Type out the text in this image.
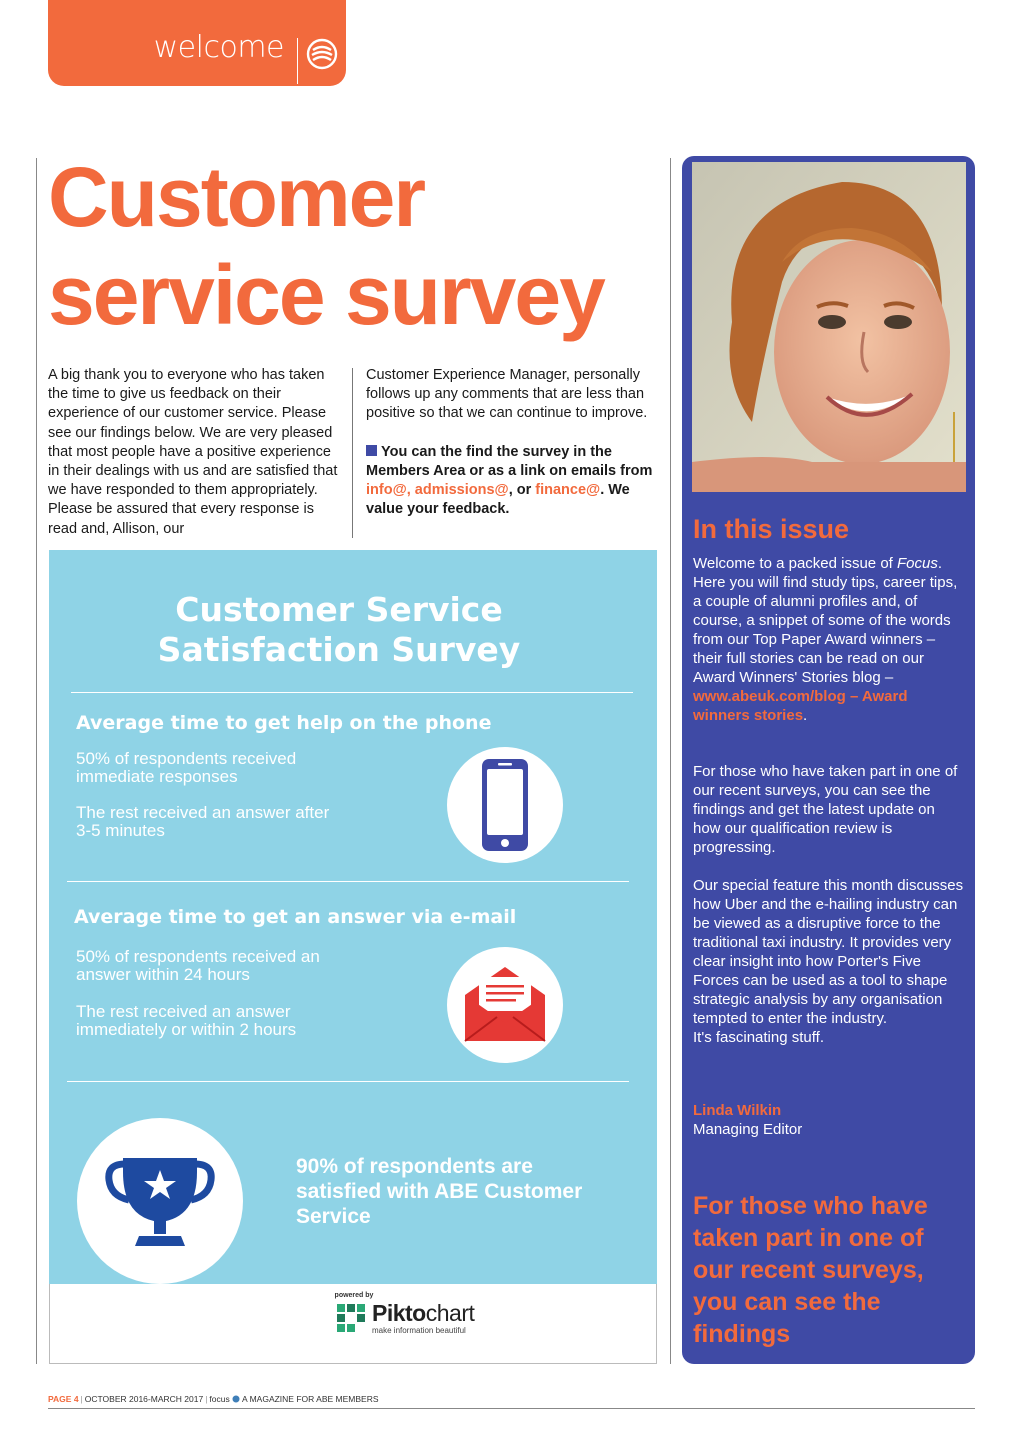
welcome
Customer
service survey
A big thank you to everyone who has taken the time to give us feedback on their experience of our customer service. Please see our findings below. We are very pleased that most people have a positive experience in their dealings with us and are satisfied that we have responded to them appropriately. Please be assured that every response is read and, Allison, our
Customer Experience Manager, personally follows up any comments that are less than positive so that we can continue to improve.
You can the find the survey in the Members Area or as a link on emails from info@, admissions@, or finance@. We value your feedback.
Customer Service
Satisfaction Survey
Average time to get help on the phone
50% of respondents received immediate responses
The rest received an answer after 3-5 minutes
Average time to get an answer via e-mail
50% of respondents received an answer within 24 hours
The rest received an answer immediately or within 2 hours
90% of respondents are satisfied with ABE Customer Service
powered by
Piktochart
make information beautiful
In this issue
Welcome to a packed issue of Focus. Here you will find study tips, career tips, a couple of alumni profiles and, of course, a snippet of some of the words from our Top Paper Award winners – their full stories can be read on our Award Winners' Stories blog – www.abeuk.com/blog – Award winners stories.
For those who have taken part in one of our recent surveys, you can see the findings and get the latest update on how our qualification review is progressing.
Our special feature this month discusses how Uber and the e-hailing industry can be viewed as a disruptive force to the traditional taxi industry. It provides very clear insight into how Porter's Five Forces can be used as a tool to shape strategic analysis by any organisation tempted to enter the industry.
It's fascinating stuff.
Linda Wilkin
Managing Editor
For those who have taken part in one of our recent surveys, you can see the findings
PAGE 4 | OCTOBER 2016-MARCH 2017 | focus A MAGAZINE FOR ABE MEMBERS
